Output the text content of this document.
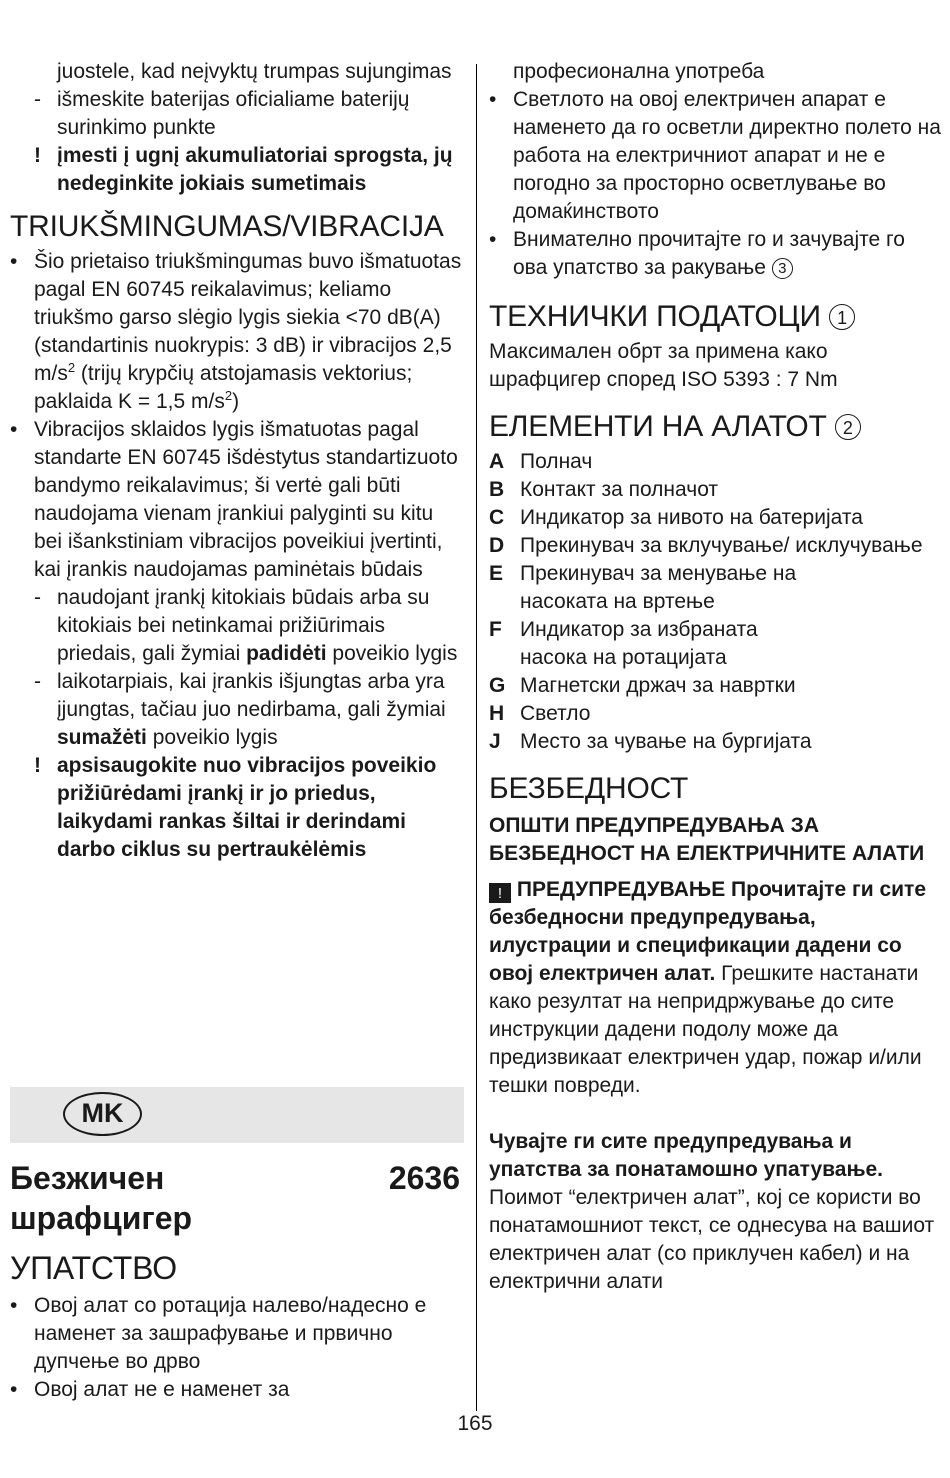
juostele, kad neįvyktų trumpas sujungimas

- išmeskite baterijas oficialiame baterijų surinkimo punkte
! įmesti į ugnį akumuliatoriai sprogsta, jų nedeginkite jokiais sumetimais
TRIUKŠMINGUMAS/VIBRACIJA
• Šio prietaiso triukšmingumas buvo išmatuotas pagal EN 60745 reikalavimus; keliamo triukšmo garso slėgio lygis siekia <70 dB(A) (standartinis nuokrypis: 3 dB) ir vibracijos 2,5 $m/s^2$ (trijų krypčių atstojamasis vektorius; paklaida K = 1,5 $m/s^2$)
• Vibracijos sklaidos lygis išmatuotas pagal standarte EN 60745 išdėstytus standartizuoto bandymo reikalavimus; ši vertė gali būti naudojama vienam įrankiui palyginti su kitu bei išankstiniam vibracijos poveikiui įvertinti, kai įrankis naudojamas paminėtais būdais
- naudojant įrankį kitokiais būdais arba su kitokiais bei netinkamai prižiūrimais priedais, gali žymiai padidėti poveikio lygis
- laikotarpiais, kai įrankis išjungtas arba yra įjungtas, tačiau juo nedirbama, gali žymiai sumažėti poveikio lygis
! apsisaugokite nuo vibracijos poveikio prižiūrėdami įrankį ir jo priedus, laikydami rankas šiltai ir derindami darbo ciklus su pertraukėlėmis
MK
Безжичен шрафцигер
2636
УПАТСТВО
• Овој алат со ротација налево/надесно е наменет за зашрафување и првично дупчење во дрво
• Овој алат не е наменет за

професионална употреба

• Светлото на овој електричен апарат е наменето да го осветли директно полето на работа на електричниот апарат и не е погодно за просторно осветлување во домаќинството
• Внимателно прочитајте го и зачувајте го ова упатство за ракување 3
ТЕХНИЧКИ ПОДАТОЦИ 1

Максимален обрт за примена како шрафцигер според ISO 5393 : 7 Nm

ЕЛЕМЕНТИ НА АЛАТОТ 2
A Полнач
B Контакт за полначот
C Индикатор за нивото на батеријата
D Прекинувач за вклучување/ исклучување
E Прекинувач за менување на насоката на вртење
F Индикатор за избраната насока на ротацијата
G Магнетски држач за навртки
H Светло
J Место за чување на бургијата
БЕЗБЕДНОСТ
ОПШТИ ПРЕДУПРЕДУВАЊА ЗА БЕЗБЕДНОСТ НА ЕЛЕКТРИЧНИТЕ АЛАТИ

! ПРЕДУПРЕДУВАЊЕ Прочитајте ги сите безбедносни предупредувања, илустрации и спецификации дадени со овој електричен алат. Грешките настанати како резултат на непридржување до сите инструкции дадени подолу може да предизвикаат електричен удар, пожар и/или тешки повреди.

Чувајте ги сите предупредувања и упатства за понатамошно упатување. Поимот “електричен алат”, кој се користи во понатамошниот текст, се однесува на вашиот електричен алат (со приклучен кабел) и на електрични алати

165
